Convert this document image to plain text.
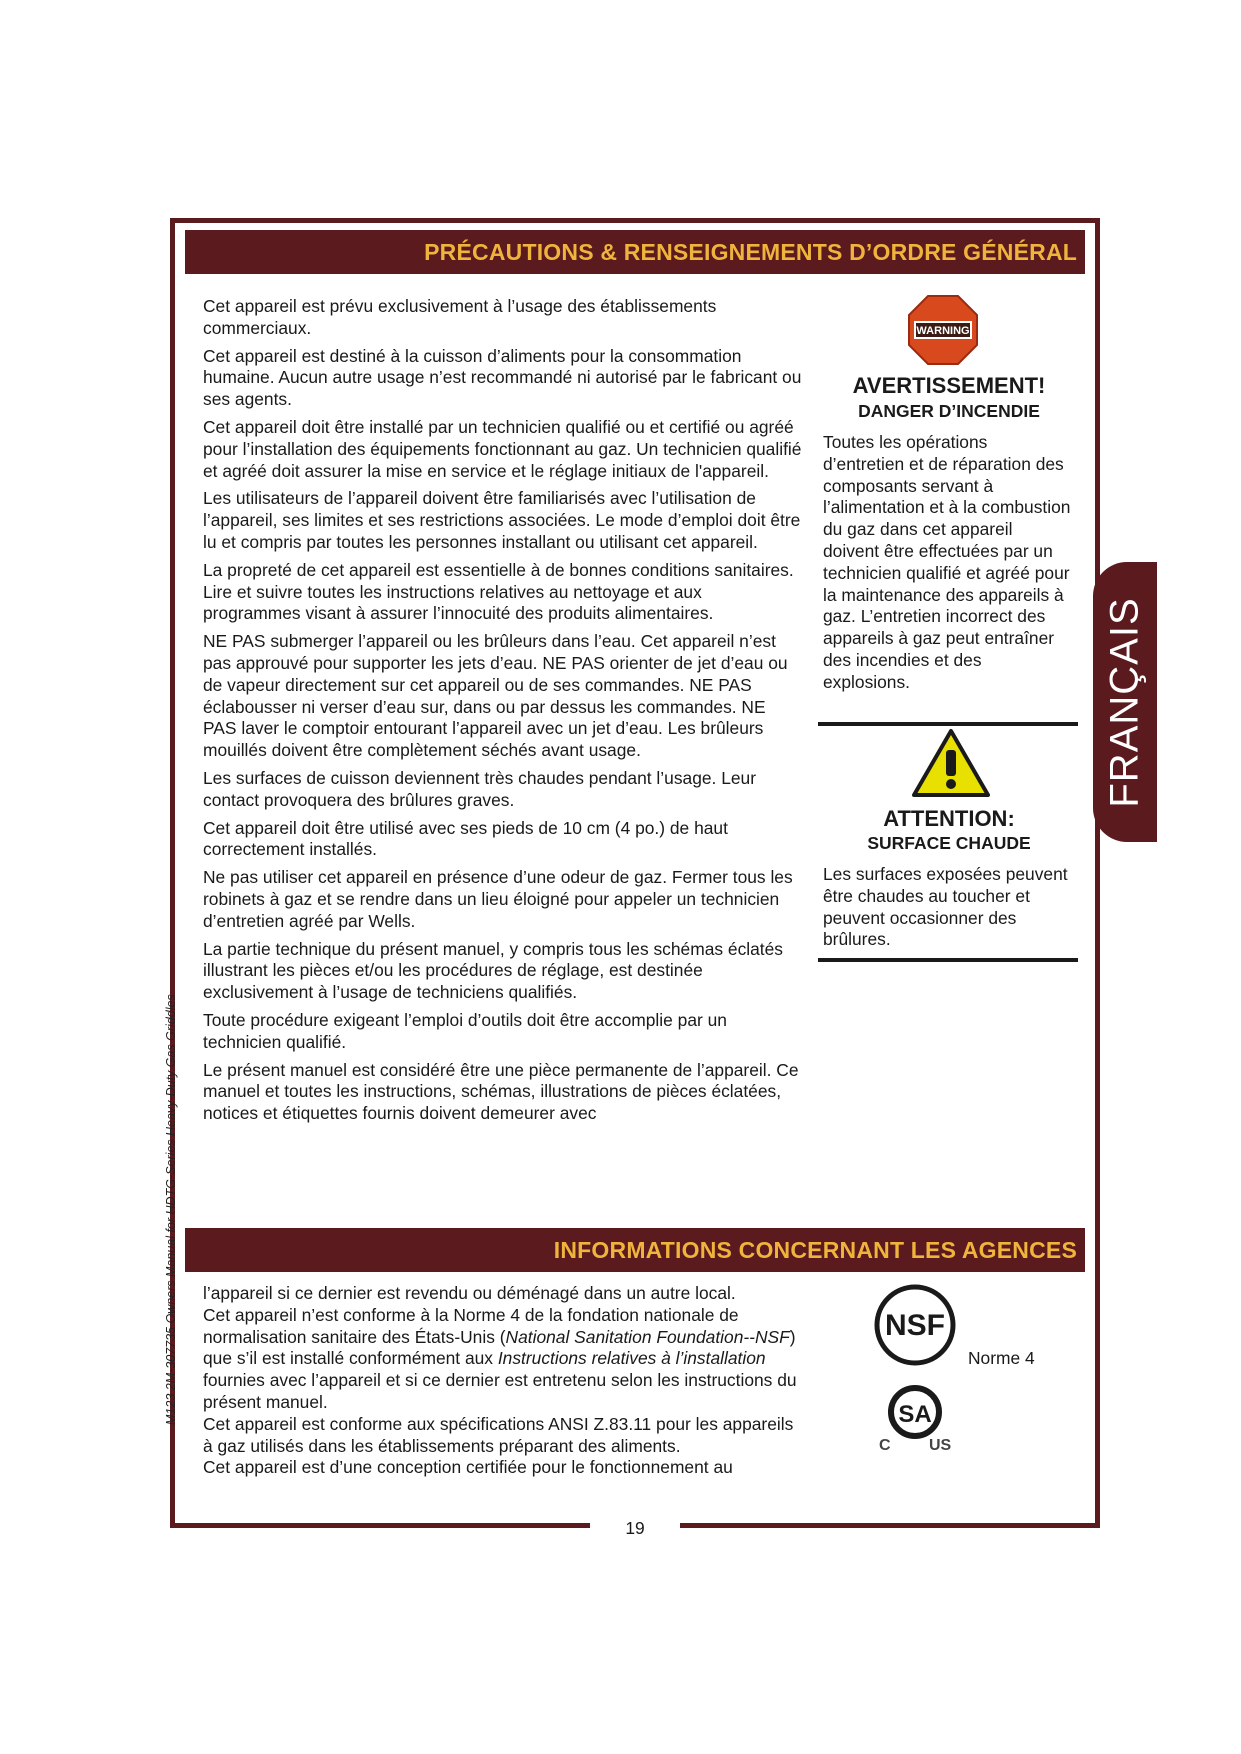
PRÉCAUTIONS & RENSEIGNEMENTS D’ORDRE GÉNÉRAL

Cet appareil est prévu exclusivement à l’usage des établissements commerciaux.

Cet appareil est destiné à la cuisson d’aliments pour la consommation humaine. Aucun autre usage n’est recommandé ni autorisé par le fabricant ou ses agents.

Cet appareil doit être installé par un technicien qualifié ou et certifié ou agréé pour l’installation des équipements fonctionnant au gaz. Un technicien qualifié et agréé doit assurer la mise en service et le réglage initiaux de l'appareil.

Les utilisateurs de l’appareil doivent être familiarisés avec l’utilisation de l’appareil, ses limites et ses restrictions associées. Le mode d’emploi doit être lu et compris par toutes les personnes installant ou utilisant cet appareil.

La propreté de cet appareil est essentielle à de bonnes conditions sanitaires. Lire et suivre toutes les instructions relatives au nettoyage et aux programmes visant à assurer l’innocuité des produits alimentaires.

NE PAS submerger l’appareil ou les brûleurs dans l’eau. Cet appareil n’est pas approuvé pour supporter les jets d’eau. NE PAS orienter de jet d’eau ou de vapeur directement sur cet appareil ou de ses commandes. NE PAS éclabousser ni verser d’eau sur, dans ou par dessus les commandes. NE PAS laver le comptoir entourant l’appareil avec un jet d’eau. Les brûleurs mouillés doivent être complètement séchés avant usage.

Les surfaces de cuisson deviennent très chaudes pendant l’usage. Leur contact provoquera des brûlures graves.

Cet appareil doit être utilisé avec ses pieds de 10 cm (4 po.) de haut correctement installés.

Ne pas utiliser cet appareil en présence d’une odeur de gaz. Fermer tous les robinets à gaz et se rendre dans un lieu éloigné pour appeler un technicien d’entretien agréé par Wells.

La partie technique du présent manuel, y compris tous les schémas éclatés illustrant les pièces et/ou les procédures de réglage, est destinée exclusivement à l’usage de techniciens qualifiés.

Toute procédure exigeant l’emploi d’outils doit être accomplie par un technicien qualifié.

Le présent manuel est considéré être une pièce permanente de l’appareil. Ce manuel et toutes les instructions, schémas, illustrations de pièces éclatées, notices et étiquettes fournis doivent demeurer avec

WARNING
AVERTISSEMENT!
DANGER D’INCENDIE
Toutes les opérations d’entretien et de réparation des composants servant à l’alimentation et à la combustion du gaz dans cet appareil doivent être effectuées par un technicien qualifié et agréé pour la maintenance des appareils à gaz. L’entretien incorrect des appareils à gaz peut entraîner des incendies et des explosions.
ATTENTION:
SURFACE CHAUDE
Les surfaces exposées peuvent être chaudes au toucher et peuvent occasionner des brûlures.
INFORMATIONS CONCERNANT LES AGENCES

l’appareil si ce dernier est revendu ou déménagé dans un autre local.

Cet appareil n’est conforme à la Norme 4 de la fondation nationale de normalisation sanitaire des États-Unis (National Sanitation Foundation--NSF) que s’il est installé conformément aux Instructions relatives à l’installation fournies avec l’appareil et si ce dernier est entretenu selon les instructions du présent manuel.

Cet appareil est conforme aux spécifications ANSI Z.83.11 pour les appareils à gaz utilisés dans les établissements préparant des aliments.

Cet appareil est d’une conception certifiée pour le fonctionnement au

NSF
Norme 4
SA
C US
FRANÇAIS
M123 2M-307735 Owners Manual for HDTG-Series Heavy-Duty Gas Griddles
19
